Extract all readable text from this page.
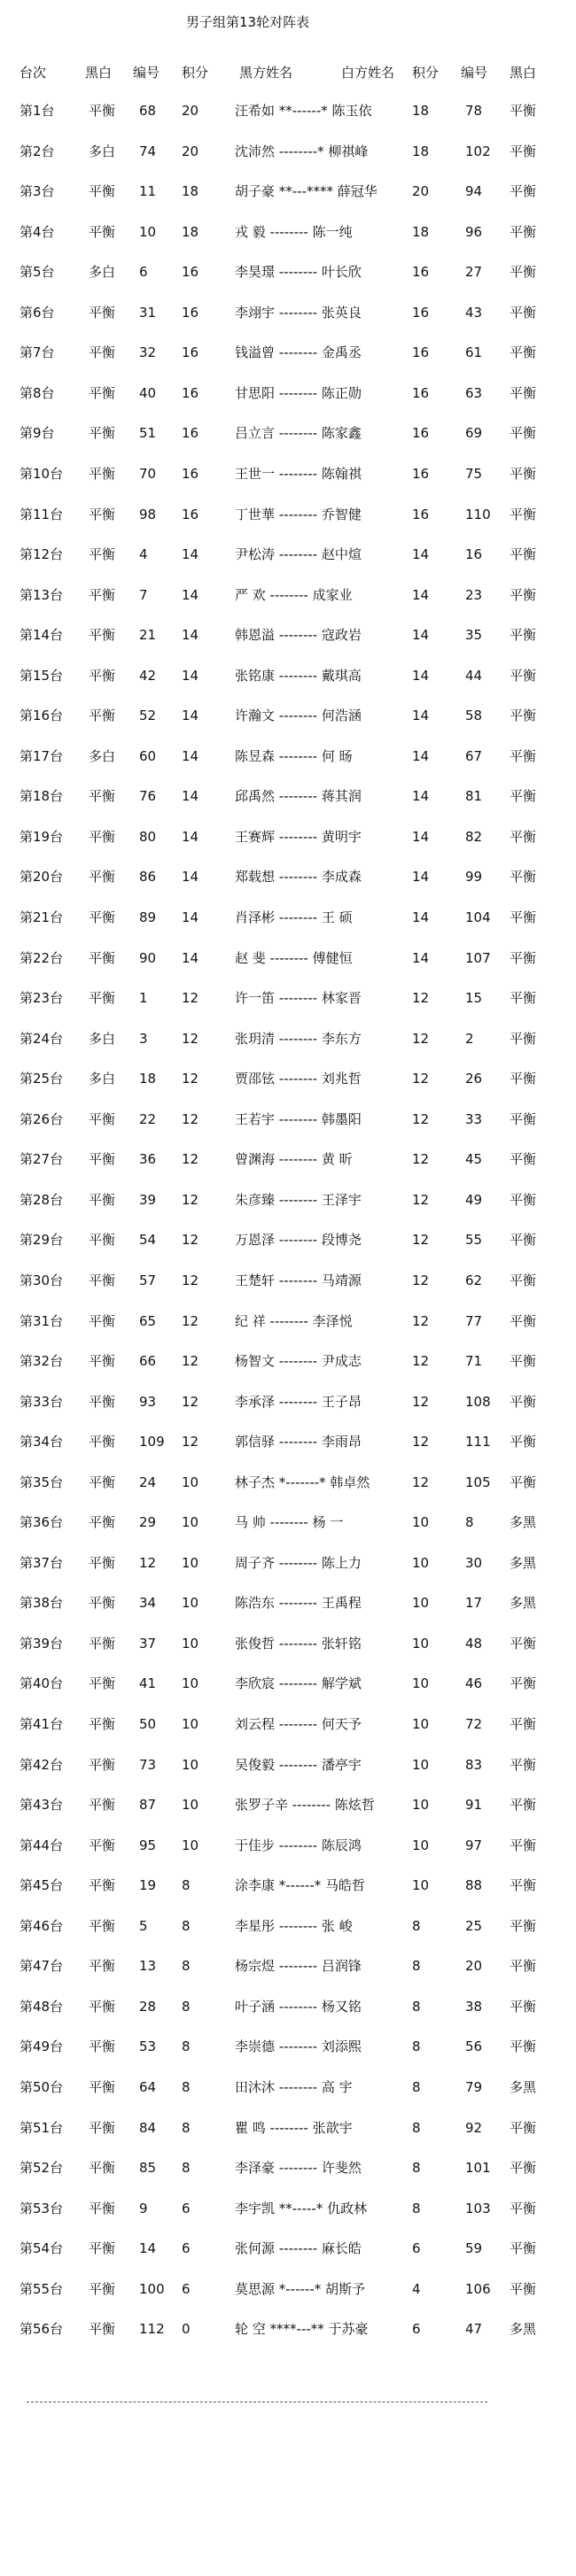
男子组第13轮对阵表
台次	黑白 编号 积分 黑方姓名	白方姓名 积分 编号 黑白
第1台	平衡 68 20	汪希如 **------* 陈玉依	18	78 平衡
第2台	多白 74 20	沈沛然 --------* 柳祺峰	18	102 平衡
第3台	平衡 11 18	胡子豪 **---**** 薛冠华	20	94 平衡
第4台	平衡 10 18	戎 毅 -------- 陈一纯	18	96 平衡
第5台	多白 6	16	李昊璟 -------- 叶长欣	16	27 平衡
第6台	平衡 31 16	李翊宇 -------- 张英良	16	43 平衡
第7台	平衡 32 16	钱溢曾 -------- 金禹丞	16	61 平衡
第8台	平衡 40 16	甘思阳 -------- 陈正勋	16	63 平衡
第9台	平衡 51 16	吕立言 -------- 陈家鑫	16	69 平衡
第10台 平衡 70 16	王世一 -------- 陈翰祺	16	75 平衡
第11台 平衡 98 16	丁世華 -------- 乔智健	16	110 平衡
第12台 平衡 4	14	尹松涛 -------- 赵中煊	14	16 平衡
第13台 平衡 7	14	严 欢 -------- 成家业	14	23 平衡
第14台 平衡 21 14	韩恩溢 -------- 寇政岩	14	35 平衡
第15台 平衡 42 14	张铭康 -------- 戴琪高	14	44 平衡
第16台 平衡 52 14	许瀚文 -------- 何浩涵	14	58 平衡
第17台 多白 60 14	陈昱森 -------- 何 旸	14	67 平衡
第18台 平衡 76 14	邱禹然 -------- 蒋其润	14	81 平衡
第19台 平衡 80 14	王赛辉 -------- 黄明宇	14	82 平衡
第20台 平衡 86 14	郑载想 -------- 李成森	14	99 平衡
第21台 平衡 89 14	肖泽彬 -------- 王 硕	14	104 平衡
第22台 平衡 90 14	赵 斐 -------- 傅健恒	14	107 平衡
第23台 平衡 1	12	许一笛 -------- 林家晋	12	15 平衡
第24台 多白 3	12	张玥清 -------- 李东方	12	2	平衡
第25台 多白 18 12	贾邵铉 -------- 刘兆哲	12	26 平衡
第26台 平衡 22 12	王若宇 -------- 韩墨阳	12	33 平衡
第27台 平衡 36 12	曾渊海 -------- 黄 昕	12	45 平衡
第28台 平衡 39 12	朱彦臻 -------- 王泽宇	12	49 平衡
第29台 平衡 54 12	万恩泽 -------- 段博尧	12	55 平衡
第30台 平衡 57 12	王楚轩 -------- 马靖源	12	62 平衡
第31台 平衡 65 12	纪 祥 -------- 李泽悦	12	77 平衡
第32台 平衡 66 12	杨智文 -------- 尹成志	12	71 平衡
第33台 平衡 93 12	李承泽 -------- 王子昂	12	108 平衡
第34台 平衡 109 12	郭信驿 -------- 李雨昂	12	111 平衡
第35台 平衡 24 10	林子杰 *-------* 韩卓然	12	105 平衡
第36台 平衡 29 10	马 帅 -------- 杨 一	10	8	多黑
第37台 平衡 12 10	周子齐 -------- 陈上力	10	30 多黑
第38台 平衡 34 10	陈浩东 -------- 王禹程	10	17 多黑
第39台 平衡 37 10	张俊哲 -------- 张轩铭	10	48 平衡
第40台 平衡 41 10	李欣宸 -------- 解学斌	10	46 平衡
第41台 平衡 50 10	刘云程 -------- 何天予	10	72 平衡
第42台 平衡 73 10	吴俊毅 -------- 潘亭宇	10	83 平衡
第43台 平衡 87 10	张罗子辛 -------- 陈炫哲	10	91 平衡
第44台 平衡 95 10	于佳步 -------- 陈辰鸿	10	97 平衡
第45台 平衡 19 8	涂李康 *------* 马皓哲	10	88 平衡
第46台 平衡 5	8	李星彤 -------- 张 峻	8	25 平衡
第47台 平衡 13 8	杨宗煜 -------- 吕润锋	8	20 平衡
第48台 平衡 28 8	叶子涵 -------- 杨又铭	8	38 平衡
第49台 平衡 53 8	李崇德 -------- 刘添熙	8	56 平衡
第50台 平衡 64 8	田沐沐 -------- 高 宇	8	79 多黑
第51台 平衡 84 8	瞿 鸣 -------- 张歆宇	8	92 平衡
第52台 平衡 85 8	李泽豪 -------- 许斐然	8	101 平衡
第53台 平衡 9	6	李宇凯 **-----* 仇政林	8	103 平衡
第54台 平衡 14 6	张何源 -------- 麻长皓	6	59 平衡
第55台 平衡 100 6	莫思源 *------* 胡斯予	4	106 平衡
第56台 平衡 112 0	轮 空 ****---** 于苏豪	6	47 多黑
